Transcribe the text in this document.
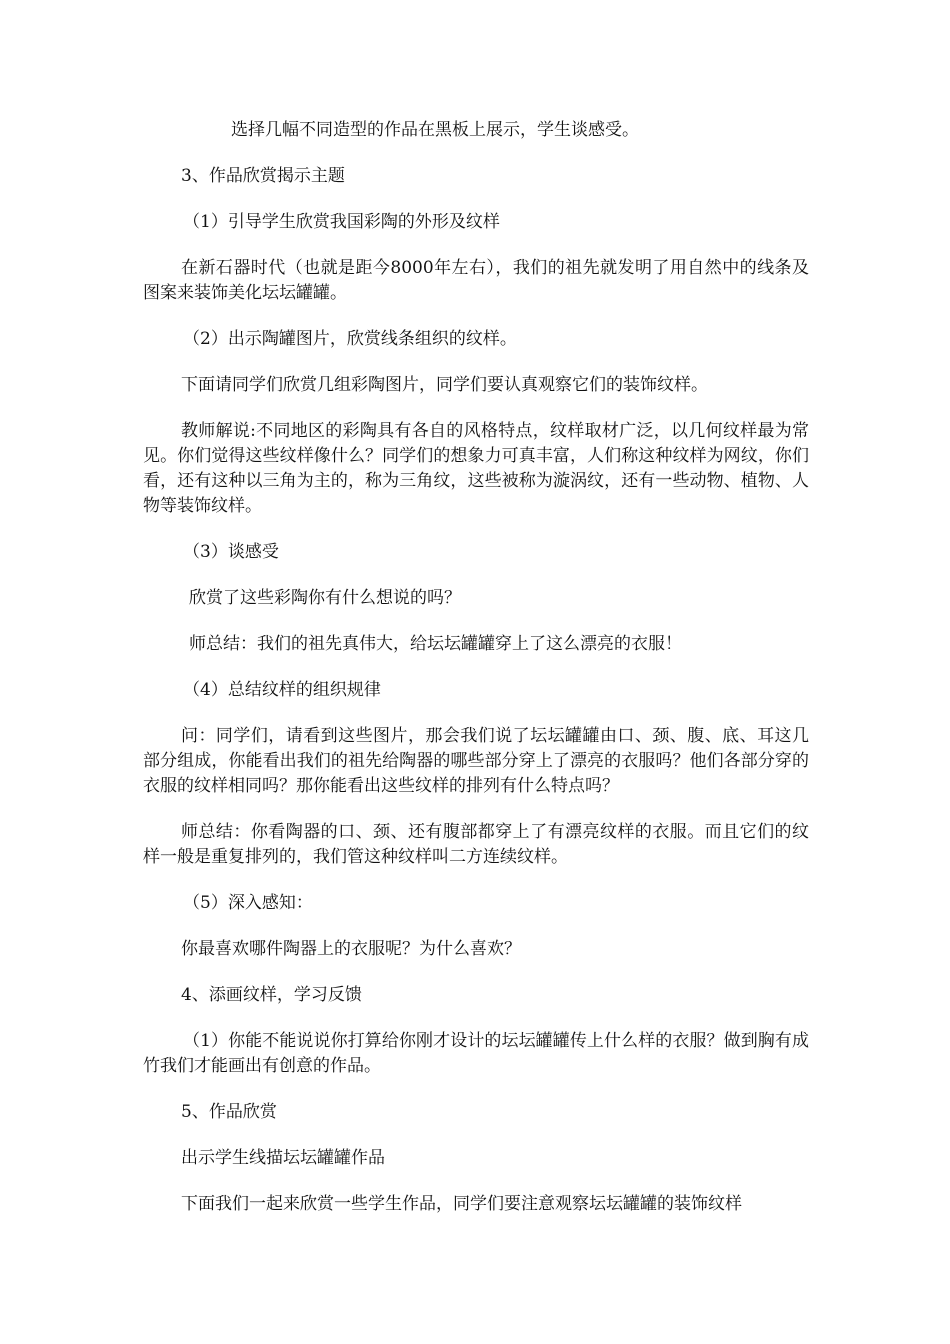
选择几幅不同造型的作品在黑板上展示，学生谈感受。

3、作品欣赏揭示主题

（1）引导学生欣赏我国彩陶的外形及纹样

在新石器时代（也就是距今8000年左右），我们的祖先就发明了用自然中的线条及图案来装饰美化坛坛罐罐。

（2）出示陶罐图片，欣赏线条组织的纹样。

下面请同学们欣赏几组彩陶图片，同学们要认真观察它们的装饰纹样。

教师解说:不同地区的彩陶具有各自的风格特点，纹样取材广泛，以几何纹样最为常见。你们觉得这些纹样像什么？同学们的想象力可真丰富，人们称这种纹样为网纹，你们看，还有这种以三角为主的，称为三角纹，这些被称为漩涡纹，还有一些动物、植物、人物等装饰纹样。

（3）谈感受

欣赏了这些彩陶你有什么想说的吗？

师总结：我们的祖先真伟大，给坛坛罐罐穿上了这么漂亮的衣服！

（4）总结纹样的组织规律

问：同学们，请看到这些图片，那会我们说了坛坛罐罐由口、颈、腹、底、耳这几部分组成，你能看出我们的祖先给陶器的哪些部分穿上了漂亮的衣服吗？他们各部分穿的衣服的纹样相同吗？那你能看出这些纹样的排列有什么特点吗？

师总结：你看陶器的口、颈、还有腹部都穿上了有漂亮纹样的衣服。而且它们的纹样一般是重复排列的，我们管这种纹样叫二方连续纹样。

（5）深入感知：

你最喜欢哪件陶器上的衣服呢？为什么喜欢？

4、添画纹样，学习反馈

（1）你能不能说说你打算给你刚才设计的坛坛罐罐传上什么样的衣服？做到胸有成竹我们才能画出有创意的作品。

5、作品欣赏

出示学生线描坛坛罐罐作品

下面我们一起来欣赏一些学生作品，同学们要注意观察坛坛罐罐的装饰纹样
